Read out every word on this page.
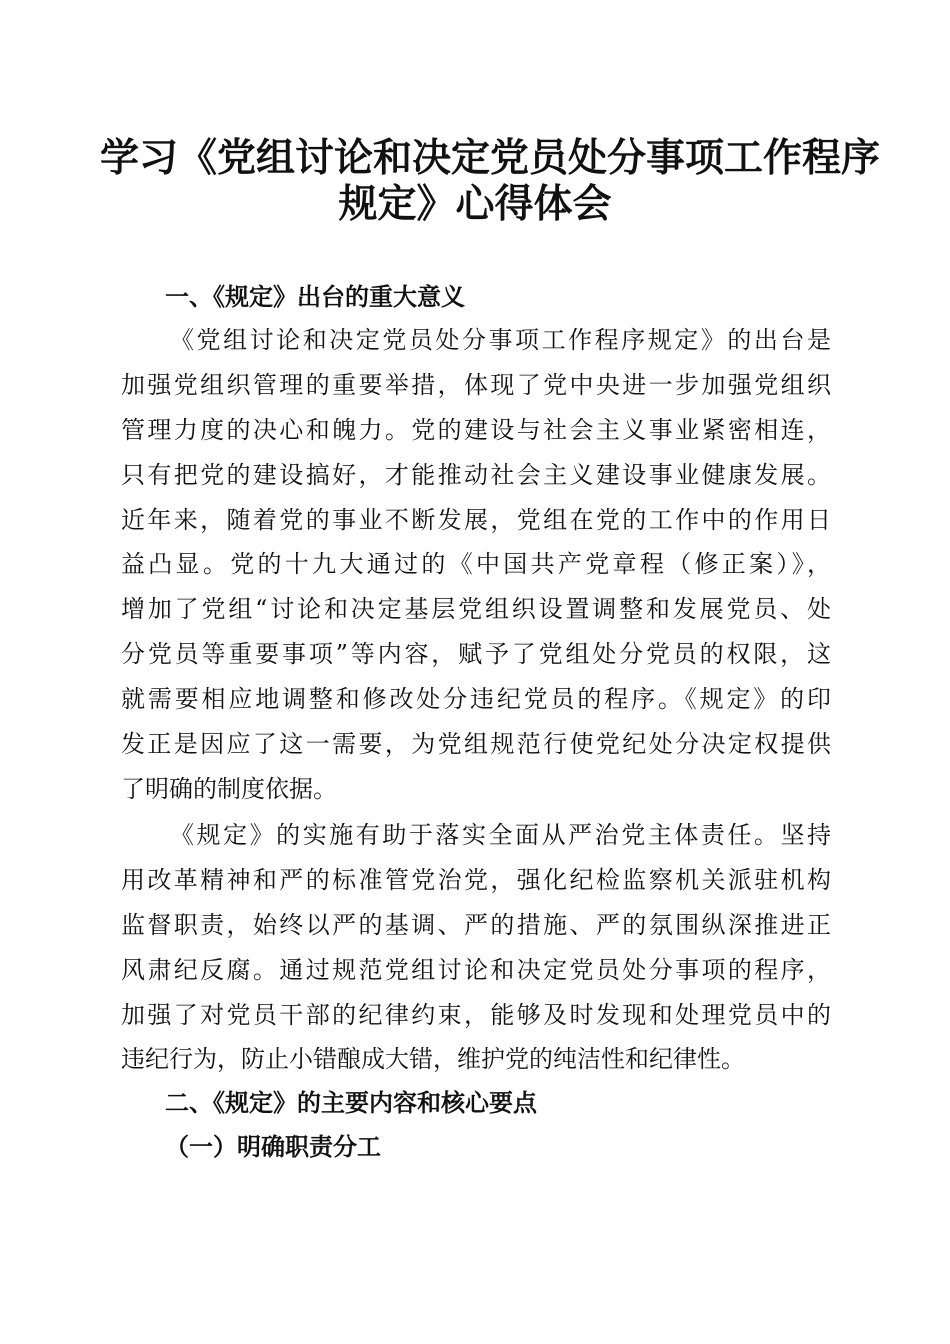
学习《党组讨论和决定党员处分事项工作程序
规定》心得体会
一、《规定》出台的重大意义
《党组讨论和决定党员处分事项工作程序规定》的出台是
加强党组织管理的重要举措，体现了党中央进一步加强党组织
管理力度的决心和魄力。党的建设与社会主义事业紧密相连，
只有把党的建设搞好，才能推动社会主义建设事业健康发展。
近年来，随着党的事业不断发展，党组在党的工作中的作用日
益凸显。党的十九大通过的《中国共产党章程（修正案）》，
增加了党组“讨论和决定基层党组织设置调整和发展党员、处
分党员等重要事项”等内容，赋予了党组处分党员的权限，这
就需要相应地调整和修改处分违纪党员的程序。《规定》的印
发正是因应了这一需要，为党组规范行使党纪处分决定权提供
了明确的制度依据。
《规定》的实施有助于落实全面从严治党主体责任。坚持
用改革精神和严的标准管党治党，强化纪检监察机关派驻机构
监督职责，始终以严的基调、严的措施、严的氛围纵深推进正
风肃纪反腐。通过规范党组讨论和决定党员处分事项的程序，
加强了对党员干部的纪律约束，能够及时发现和处理党员中的
违纪行为，防止小错酿成大错，维护党的纯洁性和纪律性。
二、《规定》的主要内容和核心要点
（一）明确职责分工
